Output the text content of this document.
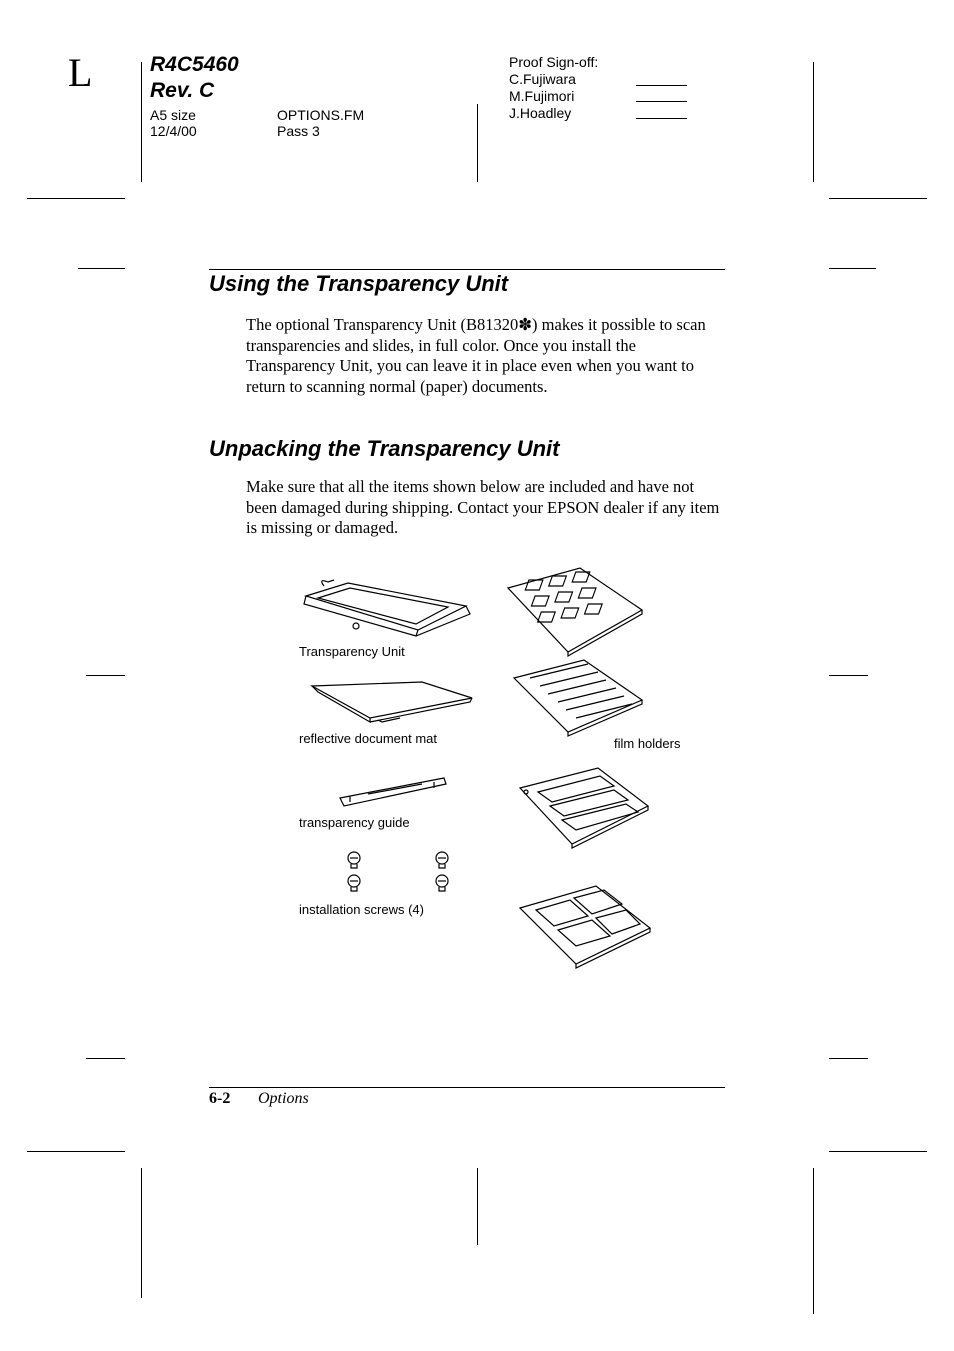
L	R4C5460
Rev. C
A5 size
12/4/00
OPTIONS.FM
Pass 3
Proof Sign-off:
C.Fujiwara
M.Fujimori
J.Hoadley
Using the Transparency Unit
The optional Transparency Unit (B81320✽) makes it possible to scan transparencies and slides, in full color. Once you install the Transparency Unit, you can leave it in place even when you want to return to scanning normal (paper) documents.
Unpacking the Transparency Unit
Make sure that all the items shown below are included and have not been damaged during shipping. Contact your EPSON dealer if any item is missing or damaged.
Transparency Unit
reflective document mat
transparency guide
installation screws (4)
film holders
6-2 Options
